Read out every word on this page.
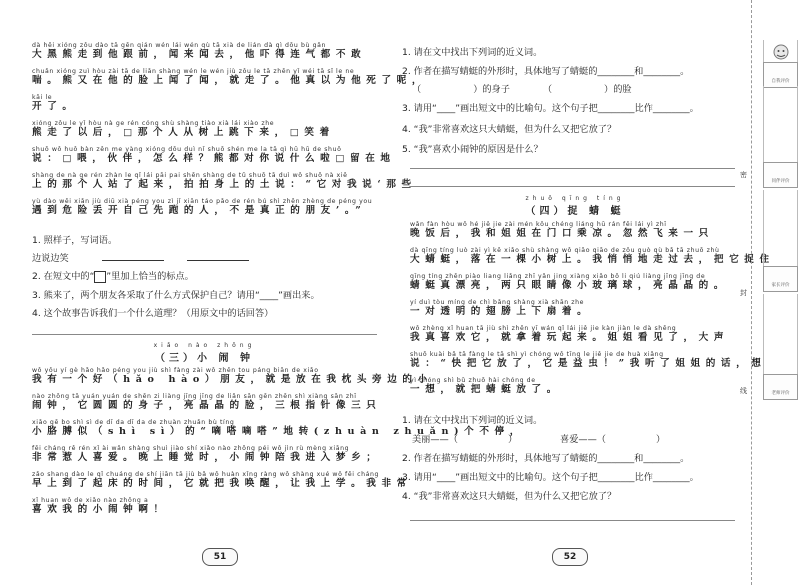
dà hēi xióng zǒu dào tā gēn qián wén lái wén qù tā xià de lián dà qì dōu bù gǎn
大黑熊走到他跟前，闻来闻去，他吓得连气都不敢
chuǎn xióng zuì hòu zài tā de liǎn shàng wén le wén jiù zǒu le tā zhēn yǐ wéi tā sǐ le ne
喘。熊又在他的脸上闻了闻，就走了。他真以为他死了呢，
kāi le
开了。
xióng zǒu le yǐ hòu nà ge rén cóng shù shàng tiào xià lái xiào zhe
熊走了以后，□那个人从树上跳下来，□笑着
shuō wǒ huǒ bàn zěn me yàng xióng dōu duì nǐ shuō shén me la tā qì hū hū de shuō
说：□喂，伙伴，怎么样？熊都对你说什么啦□留在地
shàng de nà ge rén zhàn le qǐ lái pāi pai shēn shàng de tǔ shuō tā duì wǒ shuō nà xiē
上的那个人站了起来，拍拍身上的土说：“它对我说‘那些
yù dào wēi xiǎn jiù diū xià péng you zì jǐ xiān táo pǎo de rén bú shì zhēn zhèng de péng you
遇到危险丢开自己先跑的人，不是真正的朋友’。”
1. 照样子，写词语。
边说边笑
2. 在短文中的“ ”里加上恰当的标点。
3. 熊来了，两个朋友各采取了什么方式保护自己？请用“____”画出来。
4. 这个故事告诉我们一个什么道理？（用原文中的话回答）
xiǎo nào zhōng
（三）小 闹 钟
wǒ yǒu yí gè hǎo hǎo péng you jiù shì fàng zài wǒ zhěn tou páng biān de xiǎo
我有一个好（hǎo hào）朋友，就是放在我枕头旁边的小
nào zhōng tā yuán yuán de shēn zi liàng jīng jīng de liǎn sān gēn zhēn shì xiàng sān zhī
闹钟，它圆圆的身子，亮晶晶的脸，三根指针像三只
xiǎo gē bo shì sì de dī da dī da de zhuàn zhuǎn bù tíng
小胳膊似（shì sì）的“嘀嗒嘀嗒”地转(zhuàn zhuǎn)个不停，
fēi cháng rě rén xǐ ài wǎn shàng shuì jiào shí xiǎo nào zhōng péi wǒ jìn rù mèng xiāng
非常惹人喜爱。晚上睡觉时，小闹钟陪我进入梦乡；
zǎo shang dào le qǐ chuáng de shí jiān tā jiù bǎ wǒ huàn xǐng ràng wǒ shàng xué wǒ fēi cháng
早上到了起床的时间，它就把我唤醒，让我上学。我非常
xǐ huan wǒ de xiǎo nào zhōng a
喜欢我的小闹钟啊！
51
1. 请在文中找出下列词的近义词。
2. 作者在描写蜻蜓的外形时，具体地写了蜻蜓的________和________。
（	）的身子	（	）的脸
3. 请用“____”画出短文中的比喻句。这个句子把________比作________。
4. “我”非常喜欢这只大蜻蜓，但为什么又把它放了？
5. “我”喜欢小闹钟的原因是什么？
zhuō qīng tíng
（四）捉 蜻 蜓
wǎn fàn hòu wǒ hé jiě jie zài mén kǒu chéng liáng hū rán fēi lái yì zhī
晚饭后，我和姐姐在门口乘凉。忽然飞来一只
dà qīng tíng luò zài yì kē xiǎo shù shàng wǒ qiāo qiāo de zǒu guò qù bǎ tā zhuō zhù
大蜻蜓，落在一棵小树上。我悄悄地走过去，把它捉住
qīng tíng zhēn piào liang liǎng zhī yǎn jing xiàng xiǎo bō li qiú liàng jīng jīng de
蜻蜓真漂亮，两只眼睛像小玻璃球，亮晶晶的。
yí duì tòu míng de chì bǎng shàng xià shān zhe
一对透明的翅膀上下扇着。
wǒ zhèng xǐ huan tā jiù shì zhēn yī wán qǐ lái jiě jie kàn jiàn le dà shēng
我真喜欢它，就拿着玩起来。姐姐看见了，大声
shuō kuài bǎ tā fàng le tā shì yì chóng wǒ tīng le jiě jie de huà xiǎng
说：“快把它放了，它是益虫！”我听了姐姐的话，想
yì chóng shì bǔ zhuō hài chóng de
一想，就把蜻蜓放了。
1. 请在文中找出下列词的近义词。
美丽——（	）	喜爱——（	）
2. 作者在描写蜻蜓的外形时，具体地写了蜻蜓的________和________。
3. 请用“____”画出短文中的比喻句。这个句子把________比作________。
4. “我”非常喜欢这只大蜻蜓，但为什么又把它放了？
52
密
封
线
自我评价
同伴评价
家长评价
老师评价
